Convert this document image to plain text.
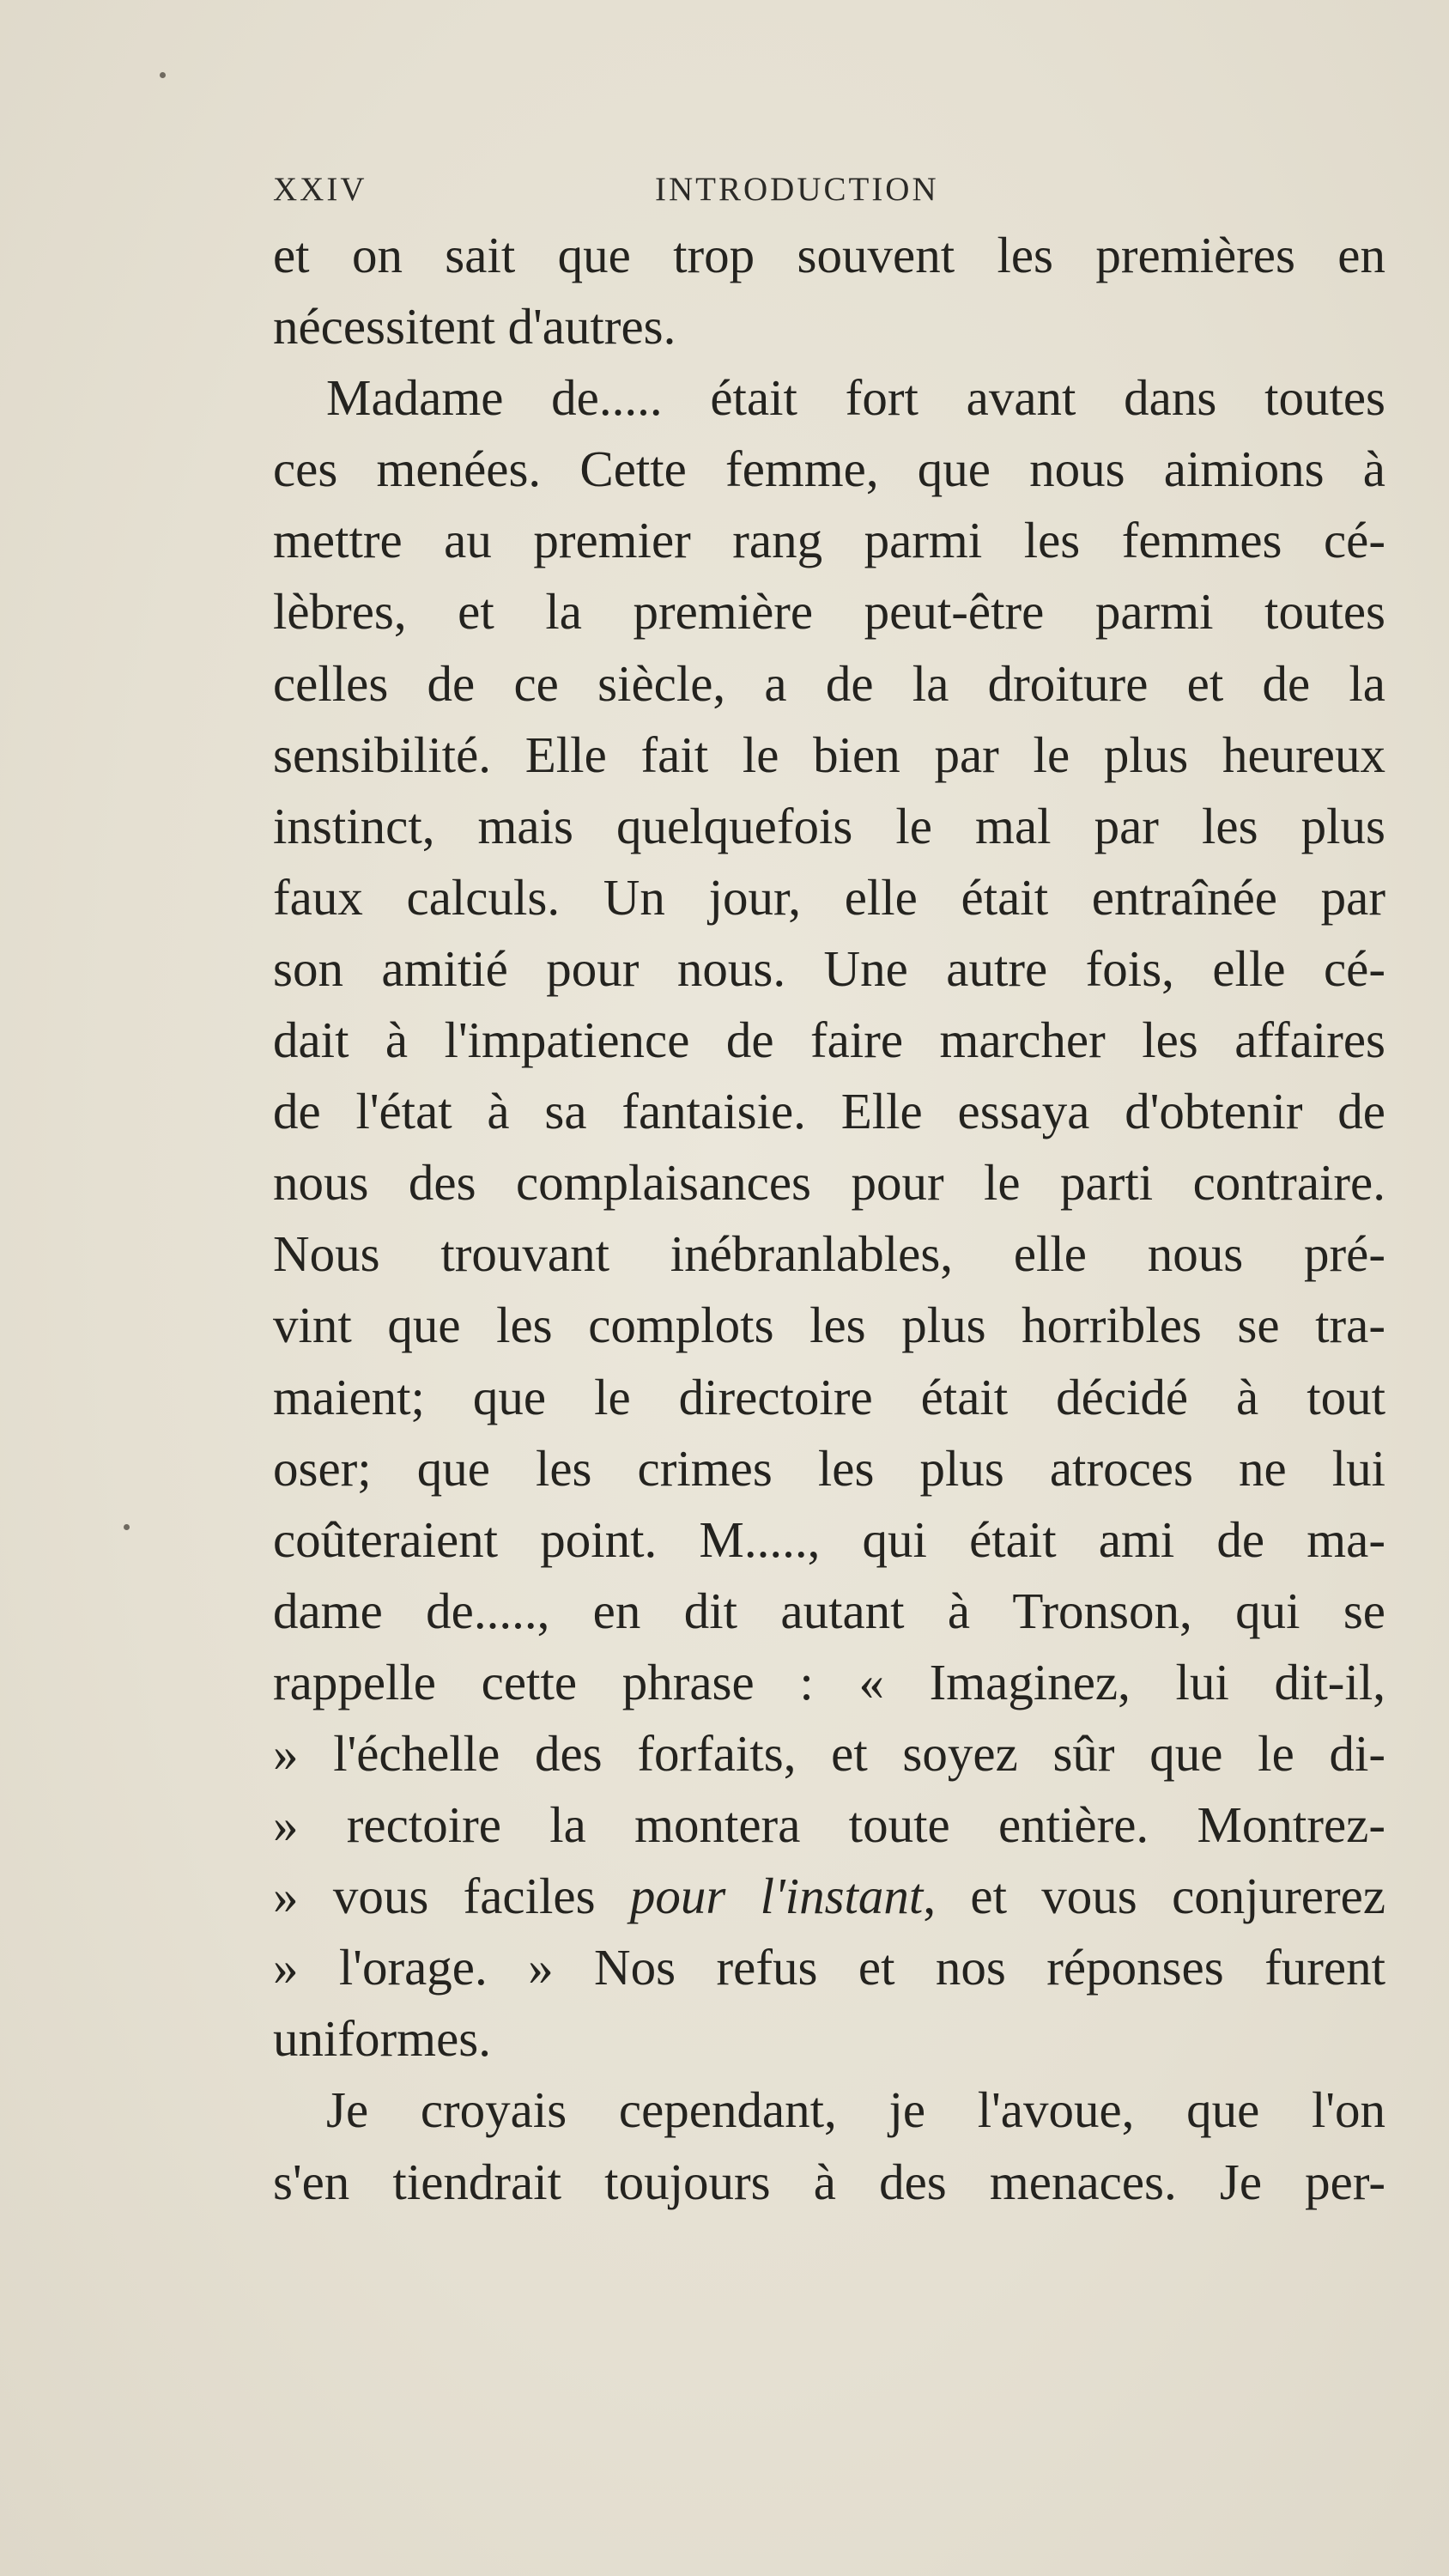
XXIV	INTRODUCTION
et on sait que trop souvent les premières en
nécessitent d'autres.
Madame de..... était fort avant dans toutes
ces menées. Cette femme, que nous aimions à
mettre au premier rang parmi les femmes cé-
lèbres, et la première peut-être parmi toutes
celles de ce siècle, a de la droiture et de la
sensibilité. Elle fait le bien par le plus heureux
instinct, mais quelquefois le mal par les plus
faux calculs. Un jour, elle était entraînée par
son amitié pour nous. Une autre fois, elle cé-
dait à l'impatience de faire marcher les affaires
de l'état à sa fantaisie. Elle essaya d'obtenir de
nous des complaisances pour le parti contraire.
Nous trouvant inébranlables, elle nous pré-
vint que les complots les plus horribles se tra-
maient; que le directoire était décidé à tout
oser; que les crimes les plus atroces ne lui
coûteraient point. M....., qui était ami de ma-
dame de....., en dit autant à Tronson, qui se
rappelle cette phrase : « Imaginez, lui dit-il,
» l'échelle des forfaits, et soyez sûr que le di-
» rectoire la montera toute entière. Montrez-
» vous faciles pour l'instant, et vous conjurerez
» l'orage. » Nos refus et nos réponses furent
uniformes.
Je croyais cependant, je l'avoue, que l'on
s'en tiendrait toujours à des menaces. Je per-
